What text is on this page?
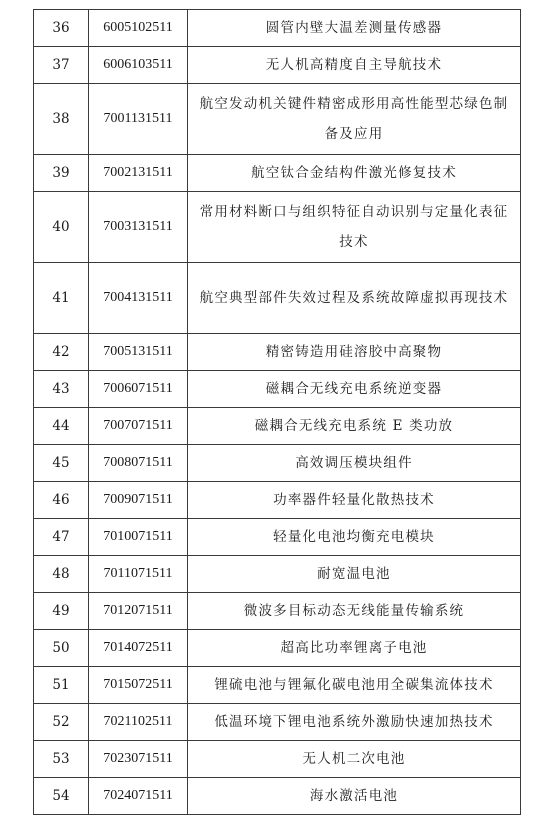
36	6005102511	圆管内壁大温差测量传感器
37	6006103511	无人机高精度自主导航技术
38	7001131511	航空发动机关键件精密成形用高性能型芯绿色制备及应用
39	7002131511	航空钛合金结构件激光修复技术
40	7003131511	常用材料断口与组织特征自动识别与定量化表征技术
41	7004131511	航空典型部件失效过程及系统故障虚拟再现技术
42	7005131511	精密铸造用硅溶胶中高聚物
43	7006071511	磁耦合无线充电系统逆变器
44	7007071511	磁耦合无线充电系统 E 类功放
45	7008071511	高效调压模块组件
46	7009071511	功率器件轻量化散热技术
47	7010071511	轻量化电池均衡充电模块
48	7011071511	耐宽温电池
49	7012071511	微波多目标动态无线能量传输系统
50	7014072511	超高比功率锂离子电池
51	7015072511	锂硫电池与锂氟化碳电池用全碳集流体技术
52	7021102511	低温环境下锂电池系统外激励快速加热技术
53	7023071511	无人机二次电池
54	7024071511	海水激活电池
